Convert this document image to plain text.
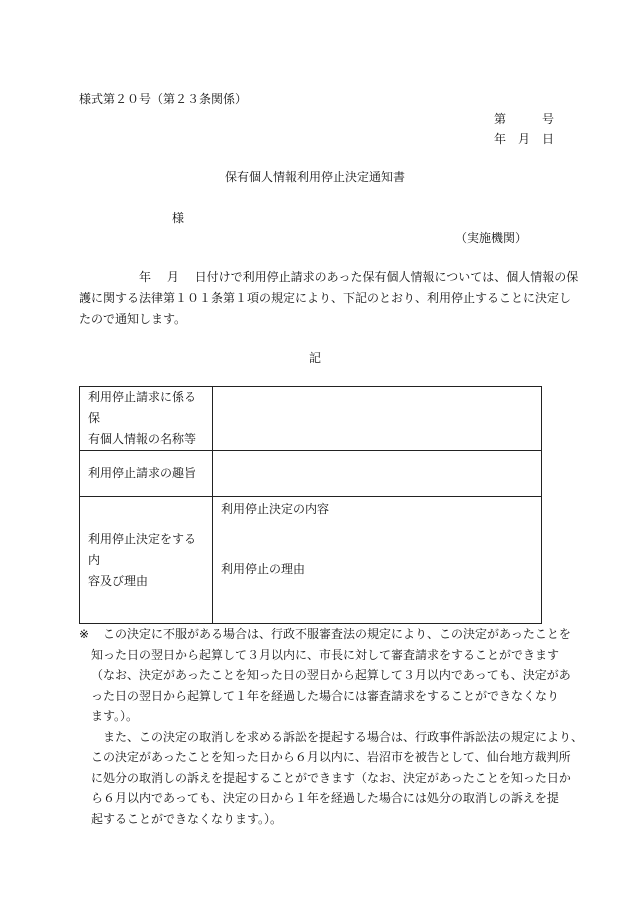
様式第２０号（第２３条関係）
第　　　号
年　月　日
保有個人情報利用停止決定通知書
様
（実施機関）
　　　　　年　 月　 日付けで利用停止請求のあった保有個人情報については、個人情報の保
護に関する法律第１０１条第１項の規定により、下記のとおり、利用停止することに決定し
たので通知します。
記
利用停止請求に係る保
有個人情報の名称等	
利用停止請求の趣旨	
利用停止決定をする内
容及び理由	利用停止決定の内容
利用停止の理由
※	この決定に不服がある場合は、行政不服審査法の規定により、この決定があったことを
知った日の翌日から起算して３月以内に、市長に対して審査請求をすることができます
（なお、決定があったことを知った日の翌日から起算して３月以内であっても、決定があ
った日の翌日から起算して１年を経過した場合には審査請求をすることができなくなり
ます。）。
また、この決定の取消しを求める訴訟を提起する場合は、行政事件訴訟法の規定により、
この決定があったことを知った日から６月以内に、岩沼市を被告として、仙台地方裁判所
に処分の取消しの訴えを提起することができます（なお、決定があったことを知った日か
ら６月以内であっても、決定の日から１年を経過した場合には処分の取消しの訴えを提
起することができなくなります。）。
